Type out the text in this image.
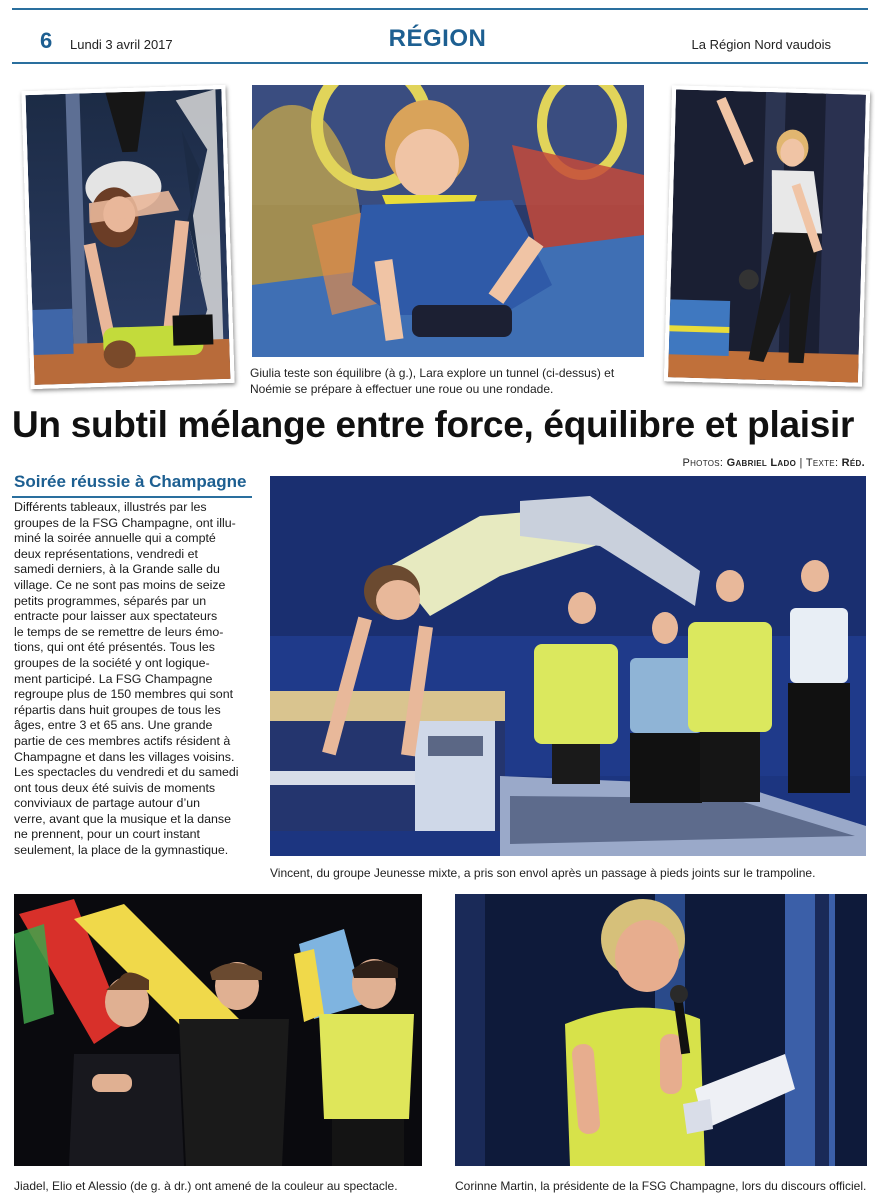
6 Lundi 3 avril 2017	RÉGION	La Région Nord vaudois
Giulia teste son équilibre (à g.), Lara explore un tunnel (ci-dessus) et
Noémie se prépare à effectuer une roue ou une rondade.
Un subtil mélange entre force, équilibre et plaisir
Photos: Gabriel Lado | Texte: Réd.
Soirée réussie à Champagne
Différents tableaux, illustrés par les
groupes de la FSG Champagne, ont illu-
miné la soirée annuelle qui a compté
deux représentations, vendredi et
samedi derniers, à la Grande salle du
village. Ce ne sont pas moins de seize
petits programmes, séparés par un
entracte pour laisser aux spectateurs
le temps de se remettre de leurs émo-
tions, qui ont été présentés. Tous les
groupes de la société y ont logique-
ment participé. La FSG Champagne
regroupe plus de 150 membres qui sont
répartis dans huit groupes de tous les
âges, entre 3 et 65 ans. Une grande
partie de ces membres actifs résident à
Champagne et dans les villages voisins.
Les spectacles du vendredi et du samedi
ont tous deux été suivis de moments
conviviaux de partage autour d’un
verre, avant que la musique et la danse
ne prennent, pour un court instant
seulement, la place de la gymnastique.
Vincent, du groupe Jeunesse mixte, a pris son envol après un passage à pieds joints sur le trampoline.
Jiadel, Elio et Alessio (de g. à dr.) ont amené de la couleur au spectacle.	Corinne Martin, la présidente de la FSG Champagne, lors du discours officiel.
